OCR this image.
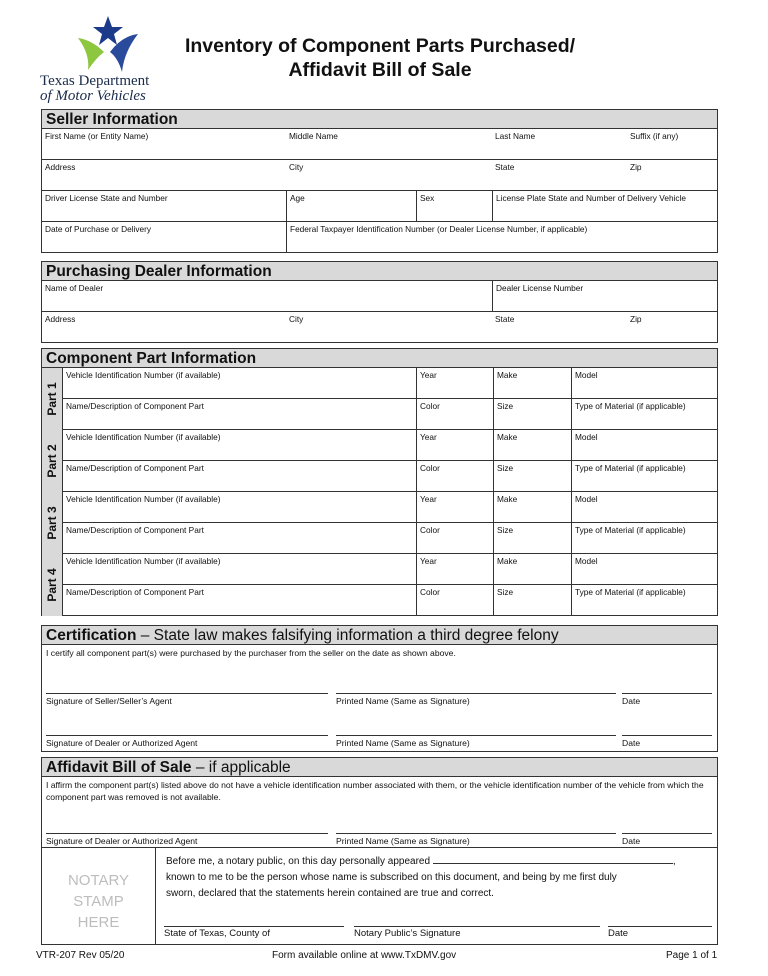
Texas Department
of Motor Vehicles
Inventory of Component Parts Purchased/
Affidavit Bill of Sale
Seller Information
First Name (or Entity Name)	Middle Name	Last Name	Suffix (if any)
Address	City	State	Zip
Driver License State and Number	Age	Sex	License Plate State and Number of Delivery Vehicle
Date of Purchase or Delivery	Federal Taxpayer Identification Number (or Dealer License Number, if applicable)
Purchasing Dealer Information
Name of Dealer	Dealer License Number
Address	City	State	Zip
Component Part Information
Part 1
Vehicle Identification Number (if available)	Year	Make	Model
Name/Description of Component Part	Color	Size	Type of Material (if applicable)
Part 2
Vehicle Identification Number (if available)	Year	Make	Model
Name/Description of Component Part	Color	Size	Type of Material (if applicable)
Part 3
Vehicle Identification Number (if available)	Year	Make	Model
Name/Description of Component Part	Color	Size	Type of Material (if applicable)
Part 4
Vehicle Identification Number (if available)	Year	Make	Model
Name/Description of Component Part	Color	Size	Type of Material (if applicable)
Certification – State law makes falsifying information a third degree felony
I certify all component part(s) were purchased by the purchaser from the seller on the date as shown above.
Signature of Seller/Seller’s Agent	Printed Name (Same as Signature)	Date
Signature of Dealer or Authorized Agent	Printed Name (Same as Signature)	Date
Affidavit Bill of Sale – if applicable
I affirm the component part(s) listed above do not have a vehicle identification number associated with them, or the vehicle identification number of the vehicle from which the component part was removed is not available.
Signature of Dealer or Authorized Agent	Printed Name (Same as Signature)	Date
NOTARY
STAMP
HERE
Before me, a notary public, on this day personally appeared	,
known to me to be the person whose name is subscribed on this document, and being by me first duly
sworn, declared that the statements herein contained are true and correct.
State of Texas, County of	Notary Public’s Signature	Date
VTR-207 Rev 05/20	Form available online at www.TxDMV.gov	Page 1 of 1
